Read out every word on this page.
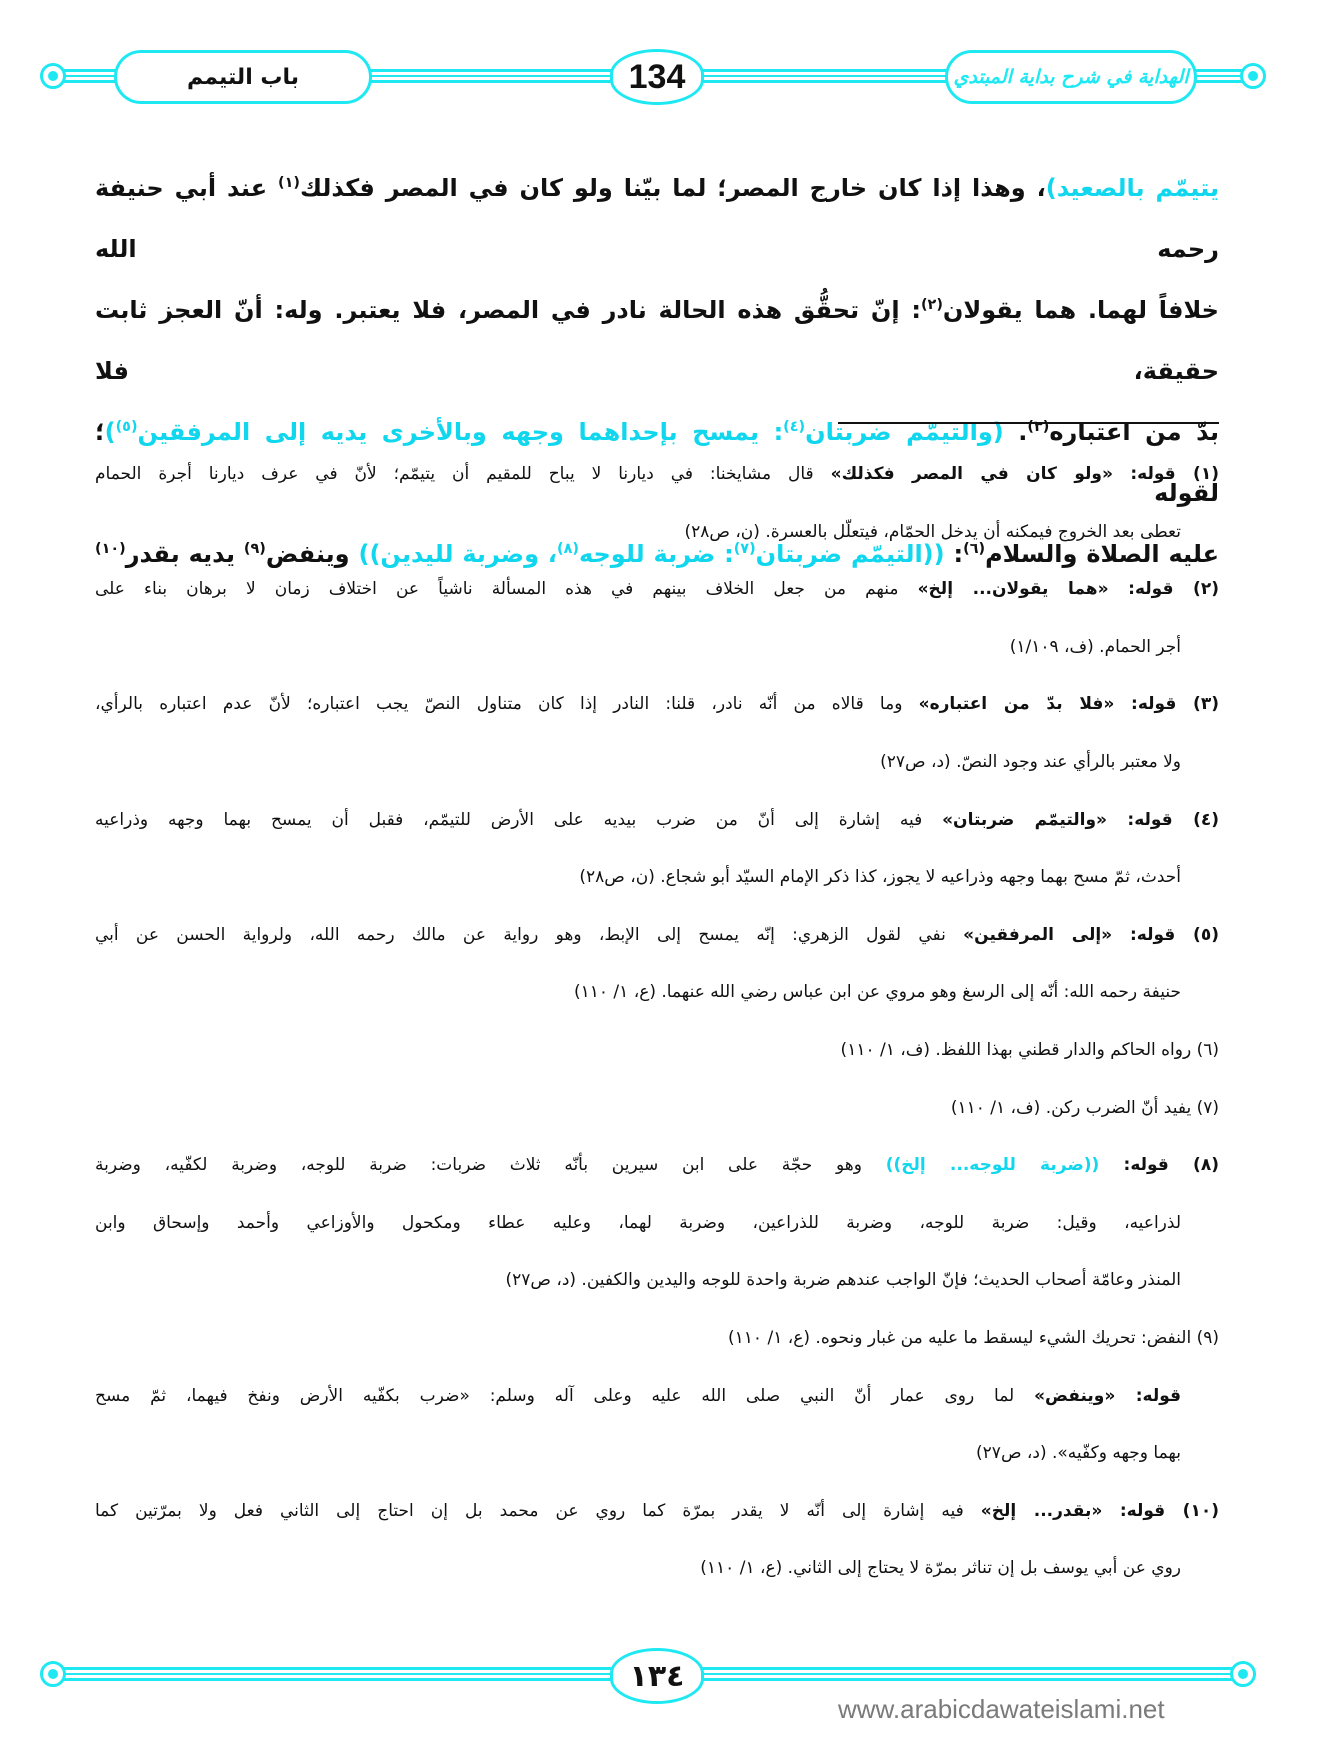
باب التيمم	134	الهداية في شرح بداية المبتدي
يتيمّم بالصعيد)، وهذا إذا كان خارج المصر؛ لما بيّنا ولو كان في المصر فكذلك$^{(١)}$ عند أبي حنيفة رحمه الله
خلافاً لهما. هما يقولان$^{(٢)}$: إنّ تحقُّق هذه الحالة نادر في المصر، فلا يعتبر. وله: أنّ العجز ثابت حقيقة، فلا
بدّ من اعتباره$^{(٣)}$. (والتيمّم ضربتان$^{(٤)}$: يمسح بإحداهما وجهه وبالأخرى يديه إلى المرفقين$^{(٥)}$)؛ لقوله
عليه الصلاة والسلام$^{(٦)}$: ((التيمّم ضربتان$^{(٧)}$: ضربة للوجه$^{(٨)}$، وضربة لليدين)) وينفض$^{(٩)}$ يديه بقدر$^{(١٠)}$
(١) قوله: «ولو كان في المصر فكذلك» قال مشايخنا: في ديارنا لا يباح للمقيم أن يتيمّم؛ لأنّ في عرف ديارنا أجرة الحمام
تعطى بعد الخروج فيمكنه أن يدخل الحمّام، فيتعلّل بالعسرة. (ن، ص٢٨)
(٢) قوله: «هما يقولان... إلخ» منهم من جعل الخلاف بينهم في هذه المسألة ناشياً عن اختلاف زمان لا برهان بناء على
أجر الحمام. (ف، ١/١٠٩)
(٣) قوله: «فلا بدّ من اعتباره» وما قالاه من أنّه نادر، قلنا: النادر إذا كان متناول النصّ يجب اعتباره؛ لأنّ عدم اعتباره بالرأي،
ولا معتبر بالرأي عند وجود النصّ. (د، ص٢٧)
(٤) قوله: «والتيمّم ضربتان» فيه إشارة إلى أنّ من ضرب بيديه على الأرض للتيمّم، فقبل أن يمسح بهما وجهه وذراعيه
أحدث، ثمّ مسح بهما وجهه وذراعيه لا يجوز، كذا ذكر الإمام السيّد أبو شجاع. (ن، ص٢٨)
(٥) قوله: «إلى المرفقين» نفي لقول الزهري: إنّه يمسح إلى الإبط، وهو رواية عن مالك رحمه الله، ولرواية الحسن عن أبي
حنيفة رحمه الله: أنّه إلى الرسغ وهو مروي عن ابن عباس رضي الله عنهما. (ع، ١/ ١١٠)
(٦) رواه الحاكم والدار قطني بهذا اللفظ. (ف، ١/ ١١٠)
(٧) يفيد أنّ الضرب ركن. (ف، ١/ ١١٠)
(٨) قوله: ((ضربة للوجه... إلخ)) وهو حجّة على ابن سيرين بأنّه ثلاث ضربات: ضربة للوجه، وضربة لكفّيه، وضربة
لذراعيه، وقيل: ضربة للوجه، وضربة للذراعين، وضربة لهما، وعليه عطاء ومكحول والأوزاعي وأحمد وإسحاق وابن
المنذر وعامّة أصحاب الحديث؛ فإنّ الواجب عندهم ضربة واحدة للوجه واليدين والكفين. (د، ص٢٧)
(٩) النفض: تحريك الشيء ليسقط ما عليه من غبار ونحوه. (ع، ١/ ١١٠)
قوله: «وينفض» لما روى عمار أنّ النبي صلى الله عليه وعلى آله وسلم: «ضرب بكفّيه الأرض ونفخ فيهما، ثمّ مسح
بهما وجهه وكفّيه». (د، ص٢٧)
(١٠) قوله: «بقدر... إلخ» فيه إشارة إلى أنّه لا يقدر بمرّة كما روي عن محمد بل إن احتاج إلى الثاني فعل ولا بمرّتين كما
روي عن أبي يوسف بل إن تناثر بمرّة لا يحتاج إلى الثاني. (ع، ١/ ١١٠)
١٣٤
www.arabicdawateislami.net
